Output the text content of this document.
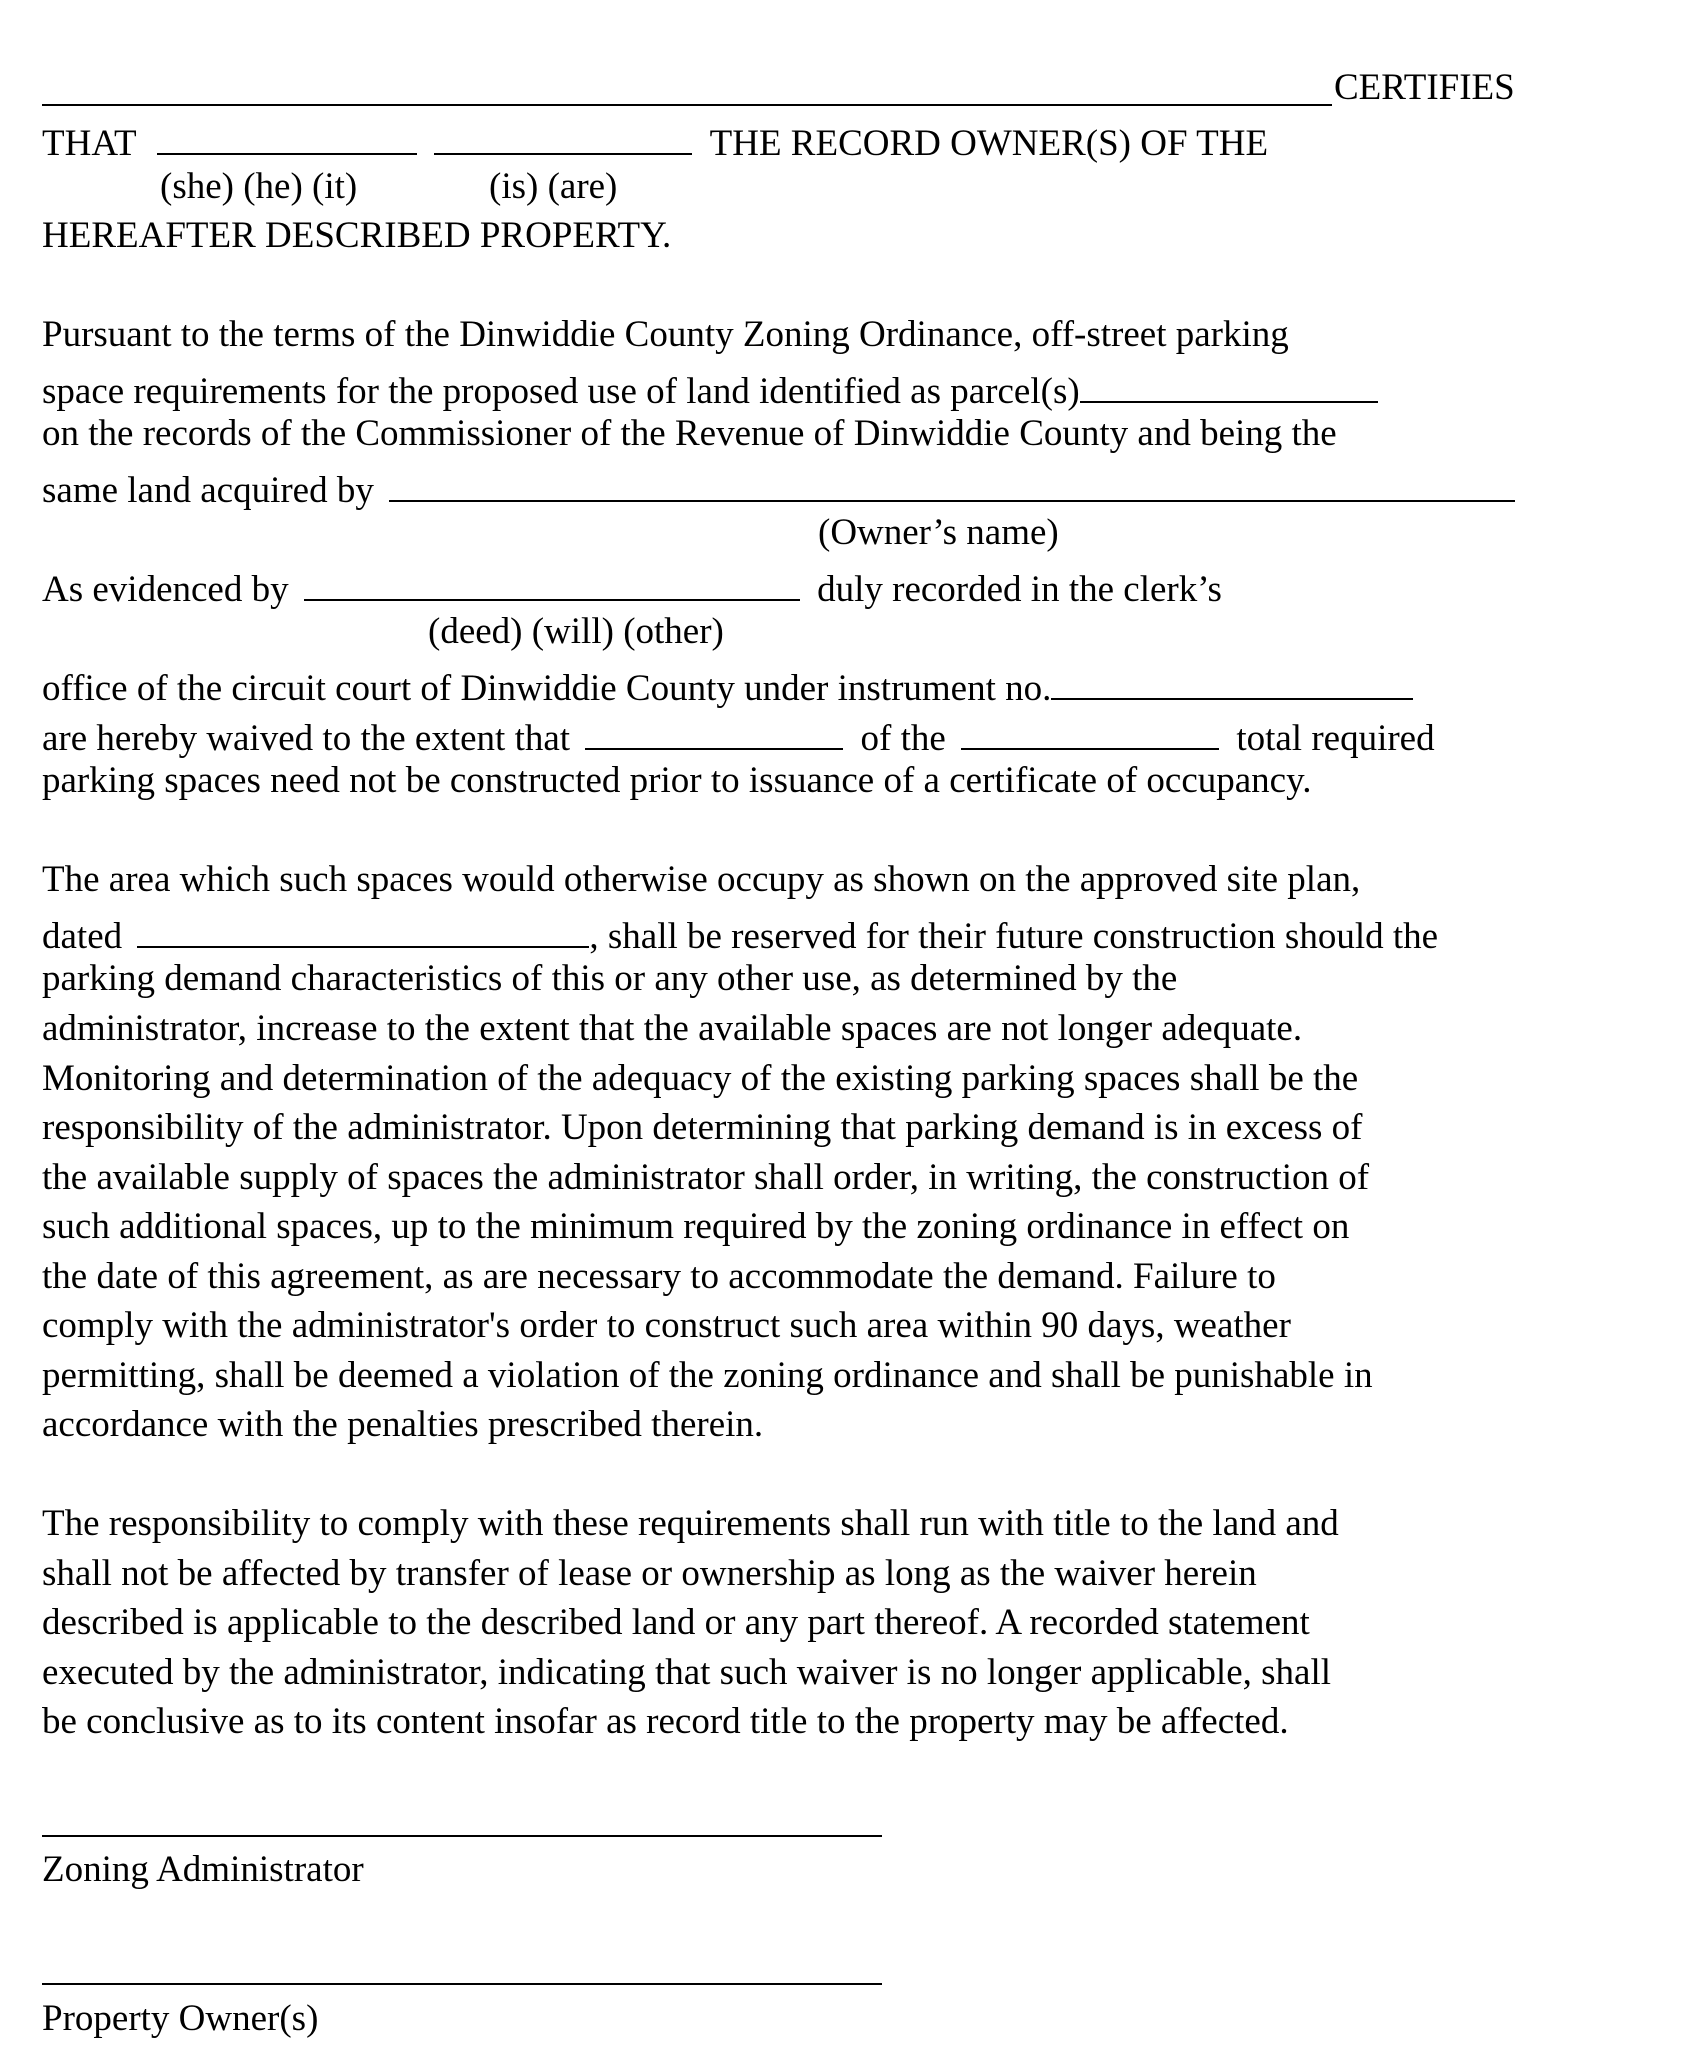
CERTIFIES
THAT	THE RECORD OWNER(S) OF THE
(she) (he) (it)	(is) (are)
HEREAFTER DESCRIBED PROPERTY.
Pursuant to the terms of the Dinwiddie County Zoning Ordinance, off-street parking
space requirements for the proposed use of land identified as parcel(s)
on the records of the Commissioner of the Revenue of Dinwiddie County and being the
same land acquired by
(Owner’s name)
As evidenced by	duly recorded in the clerk’s
(deed) (will) (other)
office of the circuit court of Dinwiddie County under instrument no.
are hereby waived to the extent that	of the	total required
parking spaces need not be constructed prior to issuance of a certificate of occupancy.
The area which such spaces would otherwise occupy as shown on the approved site plan,
dated	, shall be reserved for their future construction should the
parking demand characteristics of this or any other use, as determined by the
administrator, increase to the extent that the available spaces are not longer adequate.
Monitoring and determination of the adequacy of the existing parking spaces shall be the
responsibility of the administrator. Upon determining that parking demand is in excess of
the available supply of spaces the administrator shall order, in writing, the construction of
such additional spaces, up to the minimum required by the zoning ordinance in effect on
the date of this agreement, as are necessary to accommodate the demand. Failure to
comply with the administrator's order to construct such area within 90 days, weather
permitting, shall be deemed a violation of the zoning ordinance and shall be punishable in
accordance with the penalties prescribed therein.
The responsibility to comply with these requirements shall run with title to the land and
shall not be affected by transfer of lease or ownership as long as the waiver herein
described is applicable to the described land or any part thereof. A recorded statement
executed by the administrator, indicating that such waiver is no longer applicable, shall
be conclusive as to its content insofar as record title to the property may be affected.
Zoning Administrator
Property Owner(s)
